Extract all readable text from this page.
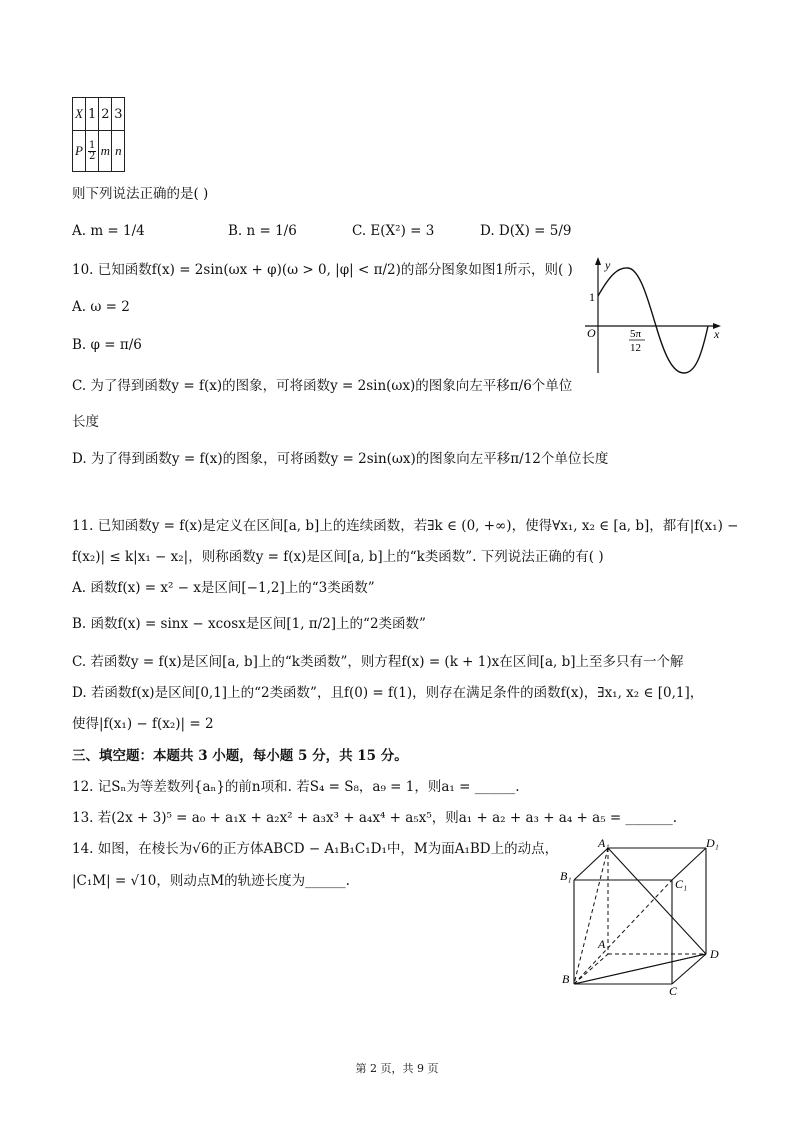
X	1	2	3
P	$\frac{1}{2}$	m	n
则下列说法正确的是( )
A. m = 1/4	B. n = 1/6	C. E(X²) = 3	D. D(X) = 5/9
10. 已知函数f(x) = 2sin(ωx + φ)(ω > 0, |φ| < π/2)的部分图象如图1所示，则( )
A. ω = 2
B. φ = π/6
C. 为了得到函数y = f(x)的图象，可将函数y = 2sin(ωx)的图象向左平移π/6个单位
长度
D. 为了得到函数y = f(x)的图象，可将函数y = 2sin(ωx)的图象向左平移π/12个单位长度
y
x
O
1
5π
12
11. 已知函数y = f(x)是定义在区间[a, b]上的连续函数，若∃k ∈ (0, +∞)，使得∀x₁, x₂ ∈ [a, b]，都有|f(x₁) −
f(x₂)| ≤ k|x₁ − x₂|，则称函数y = f(x)是区间[a, b]上的“k类函数”. 下列说法正确的有( )
A. 函数f(x) = x² − x是区间[−1,2]上的“3类函数”
B. 函数f(x) = sinx − xcosx是区间[1, π/2]上的“2类函数”
C. 若函数y = f(x)是区间[a, b]上的“k类函数”，则方程f(x) = (k + 1)x在区间[a, b]上至多只有一个解
D. 若函数f(x)是区间[0,1]上的“2类函数”，且f(0) = f(1)，则存在满足条件的函数f(x)，∃x₁, x₂ ∈ [0,1]，
使得|f(x₁) − f(x₂)| = 2
三、填空题：本题共 3 小题，每小题 5 分，共 15 分。
12. 记Sₙ为等差数列{aₙ}的前n项和. 若S₄ = S₈，a₉ = 1，则a₁ = ______.
13. 若(2x + 3)⁵ = a₀ + a₁x + a₂x² + a₃x³ + a₄x⁴ + a₅x⁵，则a₁ + a₂ + a₃ + a₄ + a₅ = _______.
14. 如图，在棱长为√6的正方体ABCD − A₁B₁C₁D₁中，M为面A₁BD上的动点，
|C₁M| = √10，则动点M的轨迹长度为______.
A₁	D₁
B₁
C₁
A
D
B
C
第 2 页，共 9 页
